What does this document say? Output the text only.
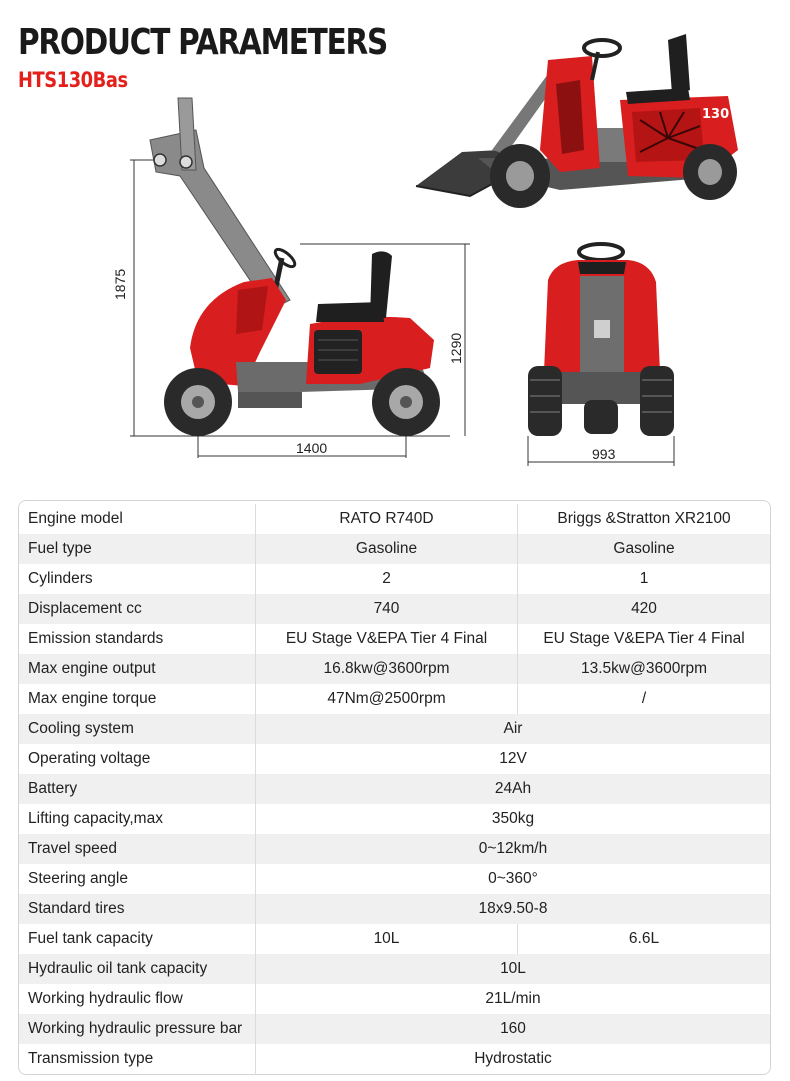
PRODUCT PARAMETERS
HTS130Bas
130
1875
1290
1400	993
Engine model	RATO R740D	Briggs &Stratton XR2100
Fuel type	Gasoline	Gasoline
Cylinders	2	1
Displacement cc	740	420
Emission standards	EU Stage V&EPA Tier 4 Final	EU Stage V&EPA Tier 4 Final
Max engine output	16.8kw@3600rpm	13.5kw@3600rpm
Max engine torque	47Nm@2500rpm	/
Cooling system	Air
Operating voltage	12V
Battery	24Ah
Lifting capacity,max	350kg
Travel speed	0~12km/h
Steering angle	0~360°
Standard tires	18x9.50-8
Fuel tank capacity	10L	6.6L
Hydraulic oil tank capacity	10L
Working hydraulic flow	21L/min
Working hydraulic pressure bar	160
Transmission type	Hydrostatic
